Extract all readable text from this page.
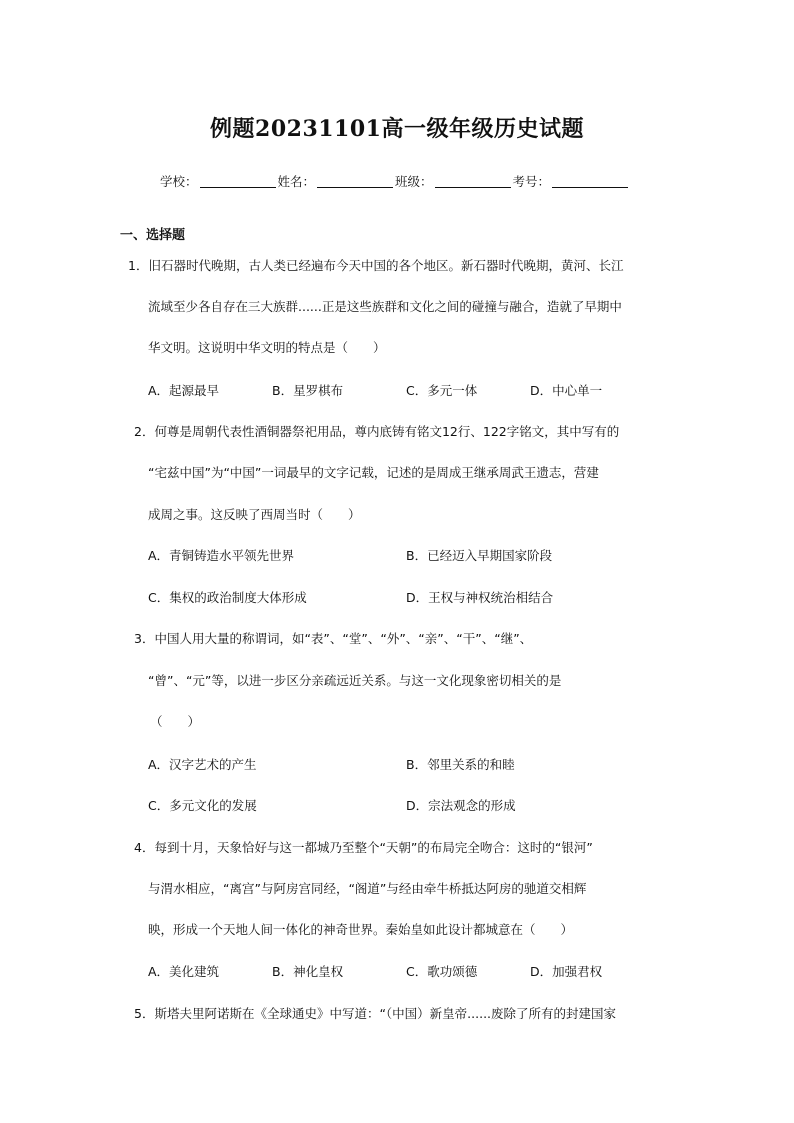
例题20231101高一级年级历史试题
学校：	姓名：	班级：	考号：
一、选择题
1．旧石器时代晚期，古人类已经遍布今天中国的各个地区。新石器时代晚期，黄河、长江
流域至少各自存在三大族群......正是这些族群和文化之间的碰撞与融合，造就了早期中
华文明。这说明中华文明的特点是（　　）
A．起源最早	B．星罗棋布	C．多元一体	D．中心单一
2．何尊是周朝代表性酒铜器祭祀用品，尊内底铸有铭文12行、122字铭文，其中写有的
“宅兹中国”为“中国”一词最早的文字记载，记述的是周成王继承周武王遗志，营建
成周之事。这反映了西周当时（　　）
A．青铜铸造水平领先世界	B．已经迈入早期国家阶段
C．集权的政治制度大体形成	D．王权与神权统治相结合
3．中国人用大量的称谓词，如“表”、“堂”、“外”、“亲”、“干”、“继”、
“曾”、“元”等，以进一步区分亲疏远近关系。与这一文化现象密切相关的是
（　　）
A．汉字艺术的产生	B．邻里关系的和睦
C．多元文化的发展	D．宗法观念的形成
4．每到十月，天象恰好与这一都城乃至整个“天朝”的布局完全吻合：这时的“银河”
与渭水相应，“离宫”与阿房宫同经，“阁道”与经由牵牛桥抵达阿房的驰道交相辉
映，形成一个天地人间一体化的神奇世界。秦始皇如此设计都城意在（　　）
A．美化建筑	B．神化皇权	C．歌功颂德	D．加强君权
5．斯塔夫里阿诺斯在《全球通史》中写道：“（中国）新皇帝......废除了所有的封建国家
